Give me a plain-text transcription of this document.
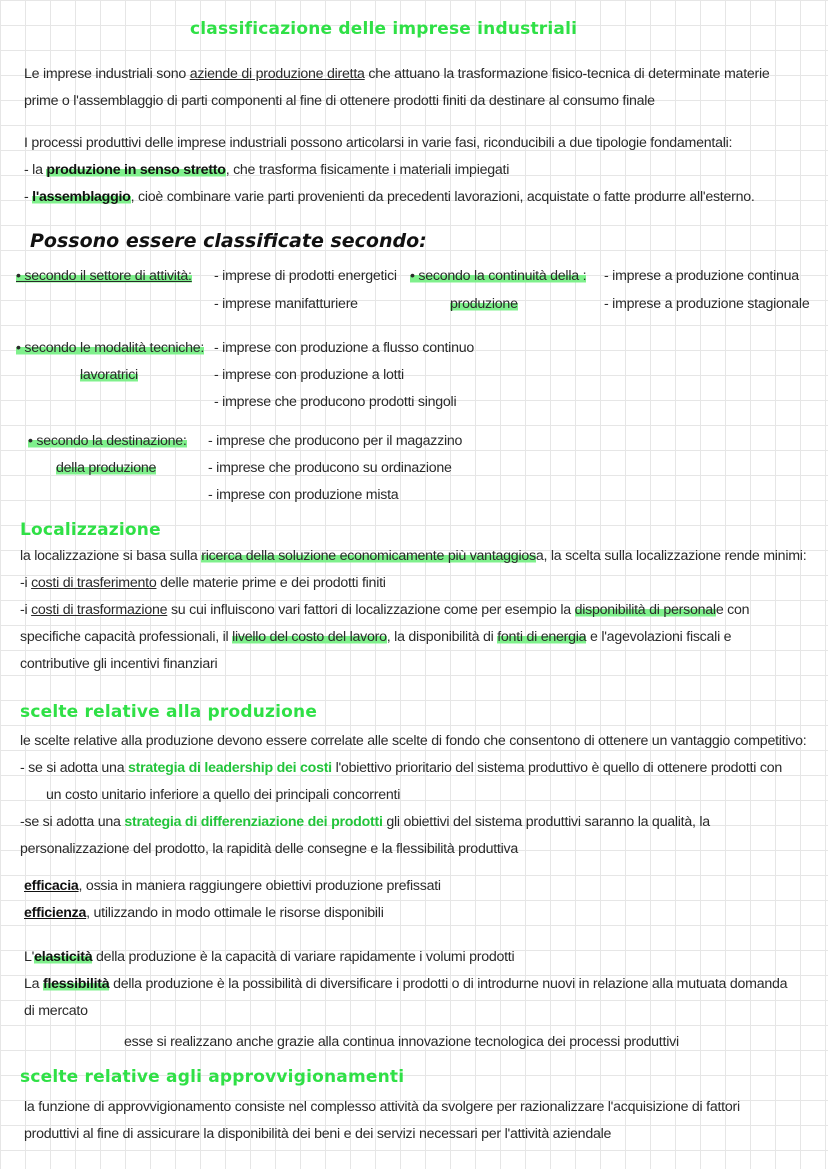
classificazione delle imprese industriali
Le imprese industriali sono aziende di produzione diretta che attuano la trasformazione fisico-tecnica di determinate materie
prime o l'assemblaggio di parti componenti al fine di ottenere prodotti finiti da destinare al consumo finale
I processi produttivi delle imprese industriali possono articolarsi in varie fasi, riconducibili a due tipologie fondamentali:
- la produzione in senso stretto, che trasforma fisicamente i materiali impiegati
- l'assemblaggio, cioè combinare varie parti provenienti da precedenti lavorazioni, acquistate o fatte produrre all'esterno.
Possono essere classificate secondo:
• secondo il settore di attività: - imprese di prodotti energetici
- imprese manifatturiere
• secondo la continuità della :
produzione
- imprese a produzione continua
- imprese a produzione stagionale
• secondo le modalità tecniche:
lavoratrici
- imprese con produzione a flusso continuo
- imprese con produzione a lotti
- imprese che producono prodotti singoli
• secondo la destinazione:
della produzione
- imprese che producono per il magazzino
- imprese che producono su ordinazione
- imprese con produzione mista
Localizzazione
la localizzazione si basa sulla ricerca della soluzione economicamente più vantaggiosa, la scelta sulla localizzazione rende minimi:
-i costi di trasferimento delle materie prime e dei prodotti finiti
-i costi di trasformazione su cui influiscono vari fattori di localizzazione come per esempio la disponibilità di personale con
specifiche capacità professionali, il livello del costo del lavoro, la disponibilità di fonti di energia e l'agevolazioni fiscali e
contributive gli incentivi finanziari
scelte relative alla produzione
le scelte relative alla produzione devono essere correlate alle scelte di fondo che consentono di ottenere un vantaggio competitivo:
- se si adotta una strategia di leadership dei costi l'obiettivo prioritario del sistema produttivo è quello di ottenere prodotti con
un costo unitario inferiore a quello dei principali concorrenti
-se si adotta una strategia di differenziazione dei prodotti gli obiettivi del sistema produttivi saranno la qualità, la
personalizzazione del prodotto, la rapidità delle consegne e la flessibilità produttiva
efficacia, ossia in maniera raggiungere obiettivi produzione prefissati
efficienza, utilizzando in modo ottimale le risorse disponibili
L'elasticità della produzione è la capacità di variare rapidamente i volumi prodotti
La flessibilità della produzione è la possibilità di diversificare i prodotti o di introdurne nuovi in relazione alla mutuata domanda
di mercato
esse si realizzano anche grazie alla continua innovazione tecnologica dei processi produttivi
scelte relative agli approvvigionamenti
la funzione di approvvigionamento consiste nel complesso attività da svolgere per razionalizzare l'acquisizione di fattori
produttivi al fine di assicurare la disponibilità dei beni e dei servizi necessari per l'attività aziendale
